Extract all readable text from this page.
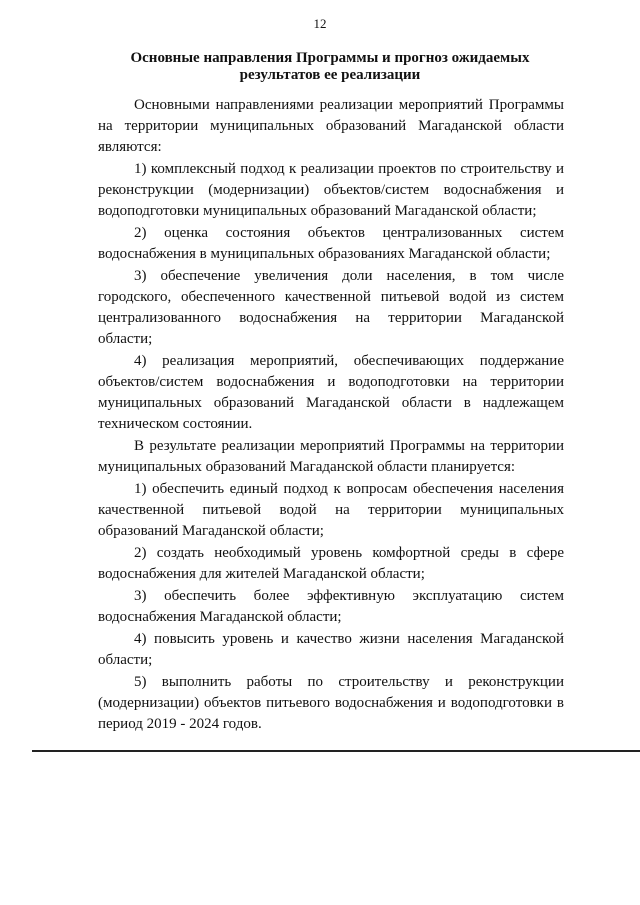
12
Основные направления Программы и прогноз ожидаемых результатов ее реализации

Основными направлениями реализации мероприятий Программы на территории муниципальных образований Магаданской области являются:

1) комплексный подход к реализации проектов по строительству и реконструкции (модернизации) объектов/систем водоснабжения и водоподготовки муниципальных образований Магаданской области;

2) оценка состояния объектов централизованных систем водоснабжения в муниципальных образованиях Магаданской области;

3) обеспечение увеличения доли населения, в том числе городского, обеспеченного качественной питьевой водой из систем централизованного водоснабжения на территории Магаданской области;

4) реализация мероприятий, обеспечивающих поддержание объектов/систем водоснабжения и водоподготовки на территории муниципальных образований Магаданской области в надлежащем техническом состоянии.

В результате реализации мероприятий Программы на территории муниципальных образований Магаданской области планируется:

1) обеспечить единый подход к вопросам обеспечения населения качественной питьевой водой на территории муниципальных образований Магаданской области;

2) создать необходимый уровень комфортной среды в сфере водоснабжения для жителей Магаданской области;

3) обеспечить более эффективную эксплуатацию систем водоснабжения Магаданской области;

4) повысить уровень и качество жизни населения Магаданской области;

5) выполнить работы по строительству и реконструкции (модернизации) объектов питьевого водоснабжения и водоподготовки в период 2019 - 2024 годов.
